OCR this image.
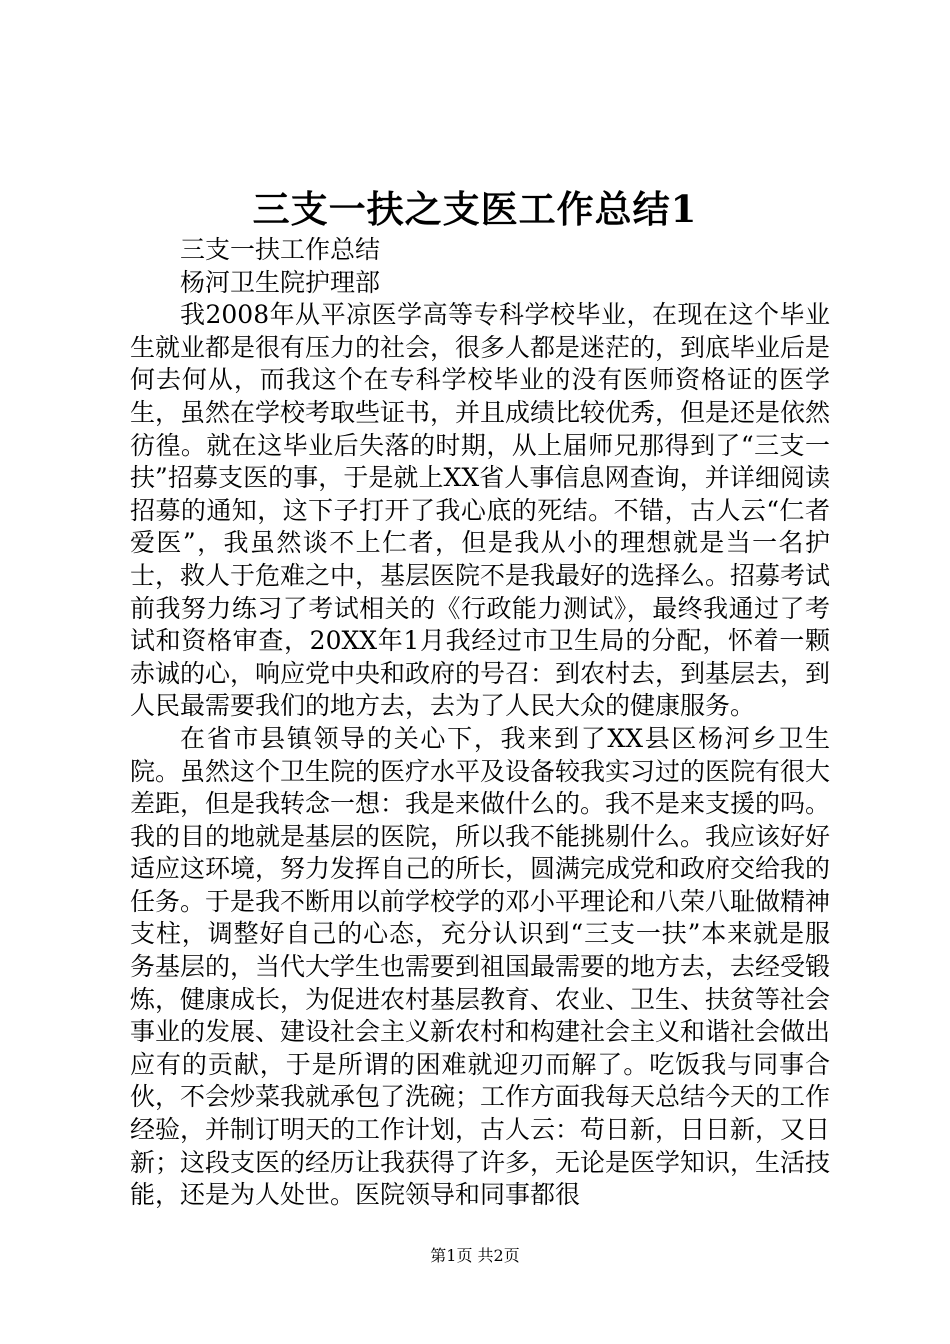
三支一扶之支医工作总结1

三支一扶工作总结

杨河卫生院护理部

我2008年从平凉医学高等专科学校毕业，在现在这个毕业生就业都是很有压力的社会，很多人都是迷茫的，到底毕业后是何去何从，而我这个在专科学校毕业的没有医师资格证的医学生，虽然在学校考取些证书，并且成绩比较优秀，但是还是依然彷徨。就在这毕业后失落的时期，从上届师兄那得到了“三支一扶”招募支医的事，于是就上XX省人事信息网查询，并详细阅读招募的通知，这下子打开了我心底的死结。不错，古人云“仁者爱医”，我虽然谈不上仁者，但是我从小的理想就是当一名护士，救人于危难之中，基层医院不是我最好的选择么。招募考试前我努力练习了考试相关的《行政能力测试》，最终我通过了考试和资格审查，20XX年1月我经过市卫生局的分配，怀着一颗赤诚的心，响应党中央和政府的号召：到农村去，到基层去，到人民最需要我们的地方去，去为了人民大众的健康服务。

在省市县镇领导的关心下，我来到了XX县区杨河乡卫生院。虽然这个卫生院的医疗水平及设备较我实习过的医院有很大差距，但是我转念一想：我是来做什么的。我不是来支援的吗。我的目的地就是基层的医院，所以我不能挑剔什么。我应该好好适应这环境，努力发挥自己的所长，圆满完成党和政府交给我的任务。于是我不断用以前学校学的邓小平理论和八荣八耻做精神支柱，调整好自己的心态，充分认识到“三支一扶”本来就是服务基层的，当代大学生也需要到祖国最需要的地方去，去经受锻炼，健康成长，为促进农村基层教育、农业、卫生、扶贫等社会事业的发展、建设社会主义新农村和构建社会主义和谐社会做出应有的贡献，于是所谓的困难就迎刃而解了。吃饭我与同事合伙，不会炒菜我就承包了洗碗；工作方面我每天总结今天的工作经验，并制订明天的工作计划，古人云：苟日新，日日新，又日新；这段支医的经历让我获得了许多，无论是医学知识，生活技能，还是为人处世。医院领导和同事都很

第1页 共2页
